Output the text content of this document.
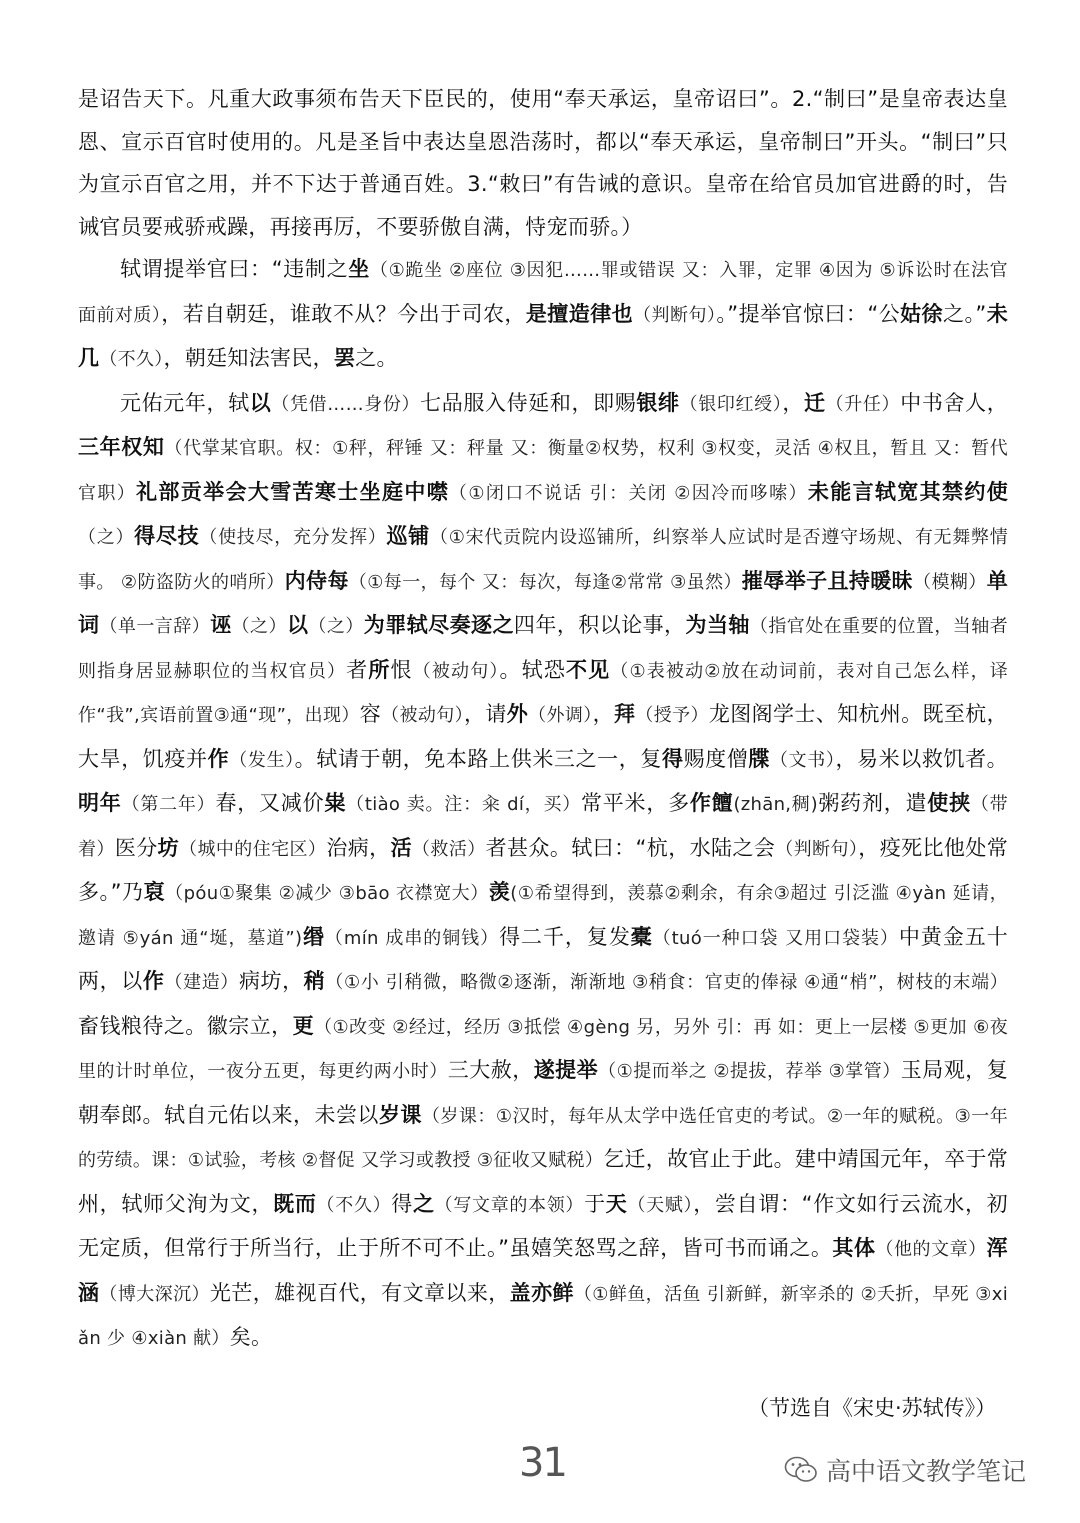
是诏告天下。凡重大政事须布告天下臣民的，使用“奉天承运，皇帝诏曰”。2.“制曰”是皇帝表达皇恩、宣示百官时使用的。凡是圣旨中表达皇恩浩荡时，都以“奉天承运，皇帝制曰”开头。“制曰”只为宣示百官之用，并不下达于普通百姓。3.“敕曰”有告诫的意识。皇帝在给官员加官进爵的时，告诫官员要戒骄戒躁，再接再厉，不要骄傲自满，恃宠而骄。）

轼谓提举官曰：“违制之坐（①跪坐 ②座位 ③因犯……罪或错误 又：入罪，定罪 ④因为 ⑤诉讼时在法官面前对质），若自朝廷，谁敢不从？今出于司农，是擅造律也（判断句）。”提举官惊曰：“公姑徐之。”未几（不久），朝廷知法害民，罢之。

元佑元年，轼以（凭借……身份）七品服入侍延和，即赐银绯（银印红绶），迁（升任）中书舍人，三年权知（代掌某官职。权：①秤，秤锤 又：秤量 又：衡量②权势，权利 ③权变，灵活 ④权且，暂且 又：暂代官职）礼部贡举会大雪苦寒士坐庭中噤（①闭口不说话 引：关闭 ②因冷而哆嗦）未能言轼宽其禁约使（之）得尽技（使技尽，充分发挥）巡铺（①宋代贡院内设巡铺所，纠察举人应试时是否遵守场规、有无舞弊情事。 ②防盗防火的哨所）内侍每（①每一，每个 又：每次，每逢②常常 ③虽然）摧辱举子且持暖昧（模糊）单词（单一言辞）诬（之）以（之）为罪轼尽奏逐之四年，积以论事，为当轴（指官处在重要的位置，当轴者则指身居显赫职位的当权官员）者所恨（被动句）。轼恐不见（①表被动②放在动词前，表对自己怎么样，译作“我”,宾语前置③通“现”，出现）容（被动句），请外（外调），拜（授予）龙图阁学士、知杭州。既至杭，大旱，饥疫并作（发生）。轼请于朝，免本路上供米三之一，复得赐度僧牒（文书），易米以救饥者。明年（第二年）春，又减价粜（tiào 卖。注：籴 dí，买）常平米，多作饘(zhān,稠)粥药剂，遣使挟（带着）医分坊（城中的住宅区）治病，活（救活）者甚众。轼曰：“杭，水陆之会（判断句），疫死比他处常多。”乃裒（póu①聚集 ②减少 ③bāo 衣襟宽大）羡(①希望得到，羡慕②剩余，有余③超过 引泛滥 ④yàn 延请，邀请 ⑤yán 通“埏，墓道”)缗（mín 成串的铜钱）得二千，复发橐（tuó一种口袋 又用口袋装）中黄金五十两，以作（建造）病坊，稍（①小 引稍微，略微②逐渐，渐渐地 ③稍食：官吏的俸禄 ④通“梢”，树枝的末端）畜钱粮待之。徽宗立，更（①改变 ②经过，经历 ③抵偿 ④gèng 另，另外 引：再 如：更上一层楼 ⑤更加 ⑥夜里的计时单位，一夜分五更，每更约两小时）三大赦，遂提举（①提而举之 ②提拔，荐举 ③掌管）玉局观，复朝奉郎。轼自元佑以来，未尝以岁课（岁课：①汉时，每年从太学中选任官吏的考试。②一年的赋税。③一年的劳绩。课：①试验，考核 ②督促 又学习或教授 ③征收又赋税）乞迁，故官止于此。建中靖国元年，卒于常州，轼师父洵为文，既而（不久）得之（写文章的本领）于天（天赋），尝自谓：“作文如行云流水，初无定质，但常行于所当行，止于所不可不止。”虽嬉笑怒骂之辞，皆可书而诵之。其体（他的文章）浑涵（博大深沉）光芒，雄视百代，有文章以来，盖亦鲜（①鲜鱼，活鱼 引新鲜，新宰杀的 ②夭折，早死 ③xiǎn 少 ④xiàn 献）矣。

（节选自《宋史·苏轼传》）
31	高中语文教学笔记
